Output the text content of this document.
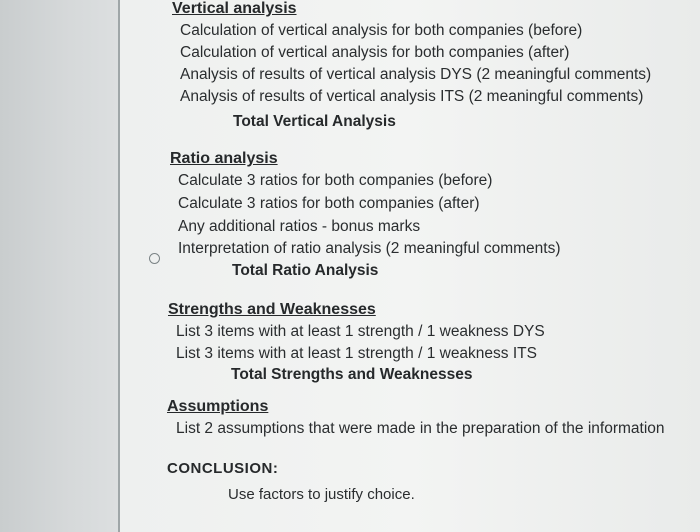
Vertical analysis
Calculation of vertical analysis for both companies (before)
Calculation of vertical analysis for both companies (after)
Analysis of results of vertical analysis DYS (2 meaningful comments)
Analysis of results of vertical analysis ITS (2 meaningful comments)
Total Vertical Analysis
Ratio analysis
Calculate 3 ratios for both companies (before)
Calculate 3 ratios for both companies (after)
Any additional ratios - bonus marks
Interpretation of ratio analysis (2 meaningful comments)
Total Ratio Analysis
Strengths and Weaknesses
List 3 items with at least 1 strength / 1 weakness DYS
List 3 items with at least 1 strength / 1 weakness ITS
Total Strengths and Weaknesses
Assumptions
List 2 assumptions that were made in the preparation of the information
CONCLUSION:
Use factors to justify choice.
